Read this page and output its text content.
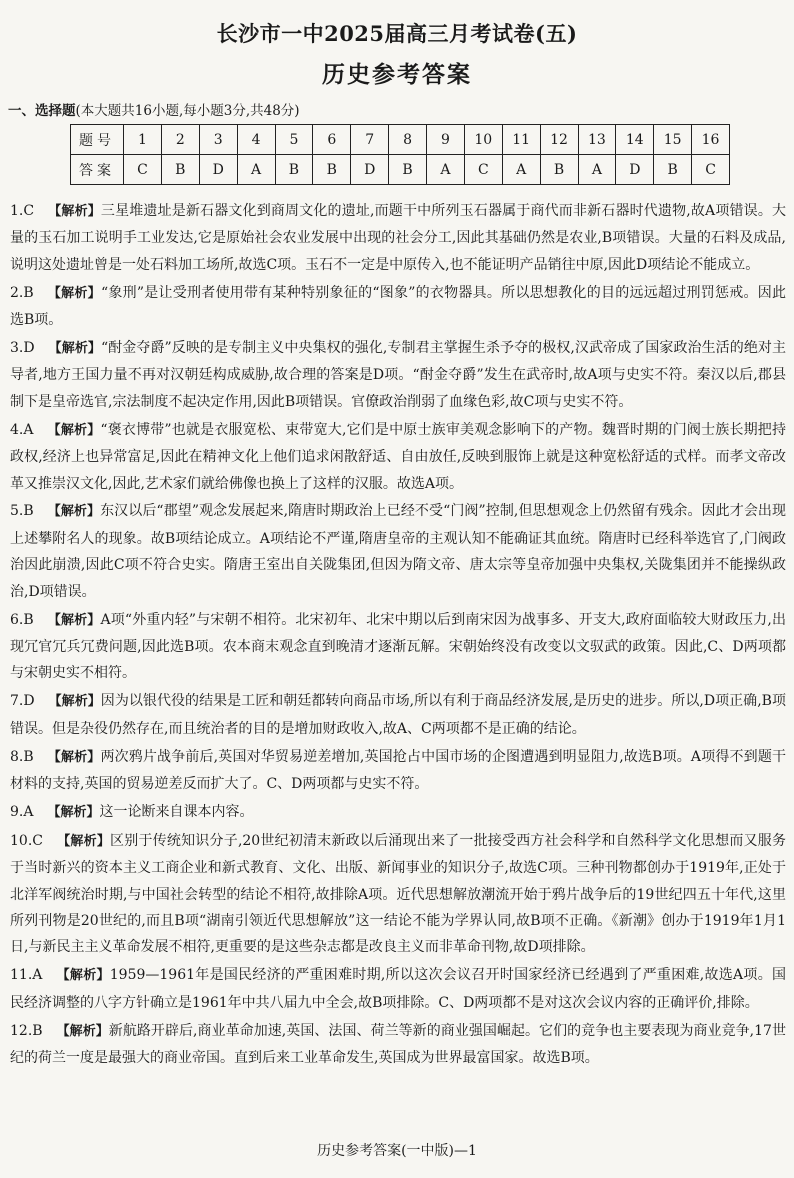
长沙市一中2025届高三月考试卷(五)
历史参考答案
一、选择题(本大题共16小题,每小题3分,共48分)
题号	1	2	3	4	5	6	7	8	9	10	11	12	13	14	15	16
答案	C	B	D	A	B	B	D	B	A	C	A	B	A	D	B	C

1.C 【解析】三星堆遗址是新石器文化到商周文化的遗址,而题干中所列玉石器属于商代而非新石器时代遗物,故A项错误。大量的玉石加工说明手工业发达,它是原始社会农业发展中出现的社会分工,因此其基础仍然是农业,B项错误。大量的石料及成品,说明这处遗址曾是一处石料加工场所,故选C项。玉石不一定是中原传入,也不能证明产品销往中原,因此D项结论不能成立。

2.B 【解析】“象刑”是让受刑者使用带有某种特别象征的“图象”的衣物器具。所以思想教化的目的远远超过刑罚惩戒。因此选B项。

3.D 【解析】“酎金夺爵”反映的是专制主义中央集权的强化,专制君主掌握生杀予夺的极权,汉武帝成了国家政治生活的绝对主导者,地方王国力量不再对汉朝廷构成威胁,故合理的答案是D项。“酎金夺爵”发生在武帝时,故A项与史实不符。秦汉以后,郡县制下是皇帝选官,宗法制度不起决定作用,因此B项错误。官僚政治削弱了血缘色彩,故C项与史实不符。

4.A 【解析】“褒衣博带”也就是衣服宽松、束带宽大,它们是中原士族审美观念影响下的产物。魏晋时期的门阀士族长期把持政权,经济上也异常富足,因此在精神文化上他们追求闲散舒适、自由放任,反映到服饰上就是这种宽松舒适的式样。而孝文帝改革又推崇汉文化,因此,艺术家们就给佛像也换上了这样的汉服。故选A项。

5.B 【解析】东汉以后“郡望”观念发展起来,隋唐时期政治上已经不受“门阀”控制,但思想观念上仍然留有残余。因此才会出现上述攀附名人的现象。故B项结论成立。A项结论不严谨,隋唐皇帝的主观认知不能确证其血统。隋唐时已经科举选官了,门阀政治因此崩溃,因此C项不符合史实。隋唐王室出自关陇集团,但因为隋文帝、唐太宗等皇帝加强中央集权,关陇集团并不能操纵政治,D项错误。

6.B 【解析】A项“外重内轻”与宋朝不相符。北宋初年、北宋中期以后到南宋因为战事多、开支大,政府面临较大财政压力,出现冗官冗兵冗费问题,因此选B项。农本商末观念直到晚清才逐渐瓦解。宋朝始终没有改变以文驭武的政策。因此,C、D两项都与宋朝史实不相符。

7.D 【解析】因为以银代役的结果是工匠和朝廷都转向商品市场,所以有利于商品经济发展,是历史的进步。所以,D项正确,B项错误。但是杂役仍然存在,而且统治者的目的是增加财政收入,故A、C两项都不是正确的结论。

8.B 【解析】两次鸦片战争前后,英国对华贸易逆差增加,英国抢占中国市场的企图遭遇到明显阻力,故选B项。A项得不到题干材料的支持,英国的贸易逆差反而扩大了。C、D两项都与史实不符。

9.A 【解析】这一论断来自课本内容。

10.C 【解析】区别于传统知识分子,20世纪初清末新政以后涌现出来了一批接受西方社会科学和自然科学文化思想而又服务于当时新兴的资本主义工商企业和新式教育、文化、出版、新闻事业的知识分子,故选C项。三种刊物都创办于1919年,正处于北洋军阀统治时期,与中国社会转型的结论不相符,故排除A项。近代思想解放潮流开始于鸦片战争后的19世纪四五十年代,这里所列刊物是20世纪的,而且B项“湖南引领近代思想解放”这一结论不能为学界认同,故B项不正确。《新潮》创办于1919年1月1日,与新民主主义革命发展不相符,更重要的是这些杂志都是改良主义而非革命刊物,故D项排除。

11.A 【解析】1959—1961年是国民经济的严重困难时期,所以这次会议召开时国家经济已经遇到了严重困难,故选A项。国民经济调整的八字方针确立是1961年中共八届九中全会,故B项排除。C、D两项都不是对这次会议内容的正确评价,排除。

12.B 【解析】新航路开辟后,商业革命加速,英国、法国、荷兰等新的商业强国崛起。它们的竞争也主要表现为商业竞争,17世纪的荷兰一度是最强大的商业帝国。直到后来工业革命发生,英国成为世界最富国家。故选B项。

历史参考答案(一中版)—1
